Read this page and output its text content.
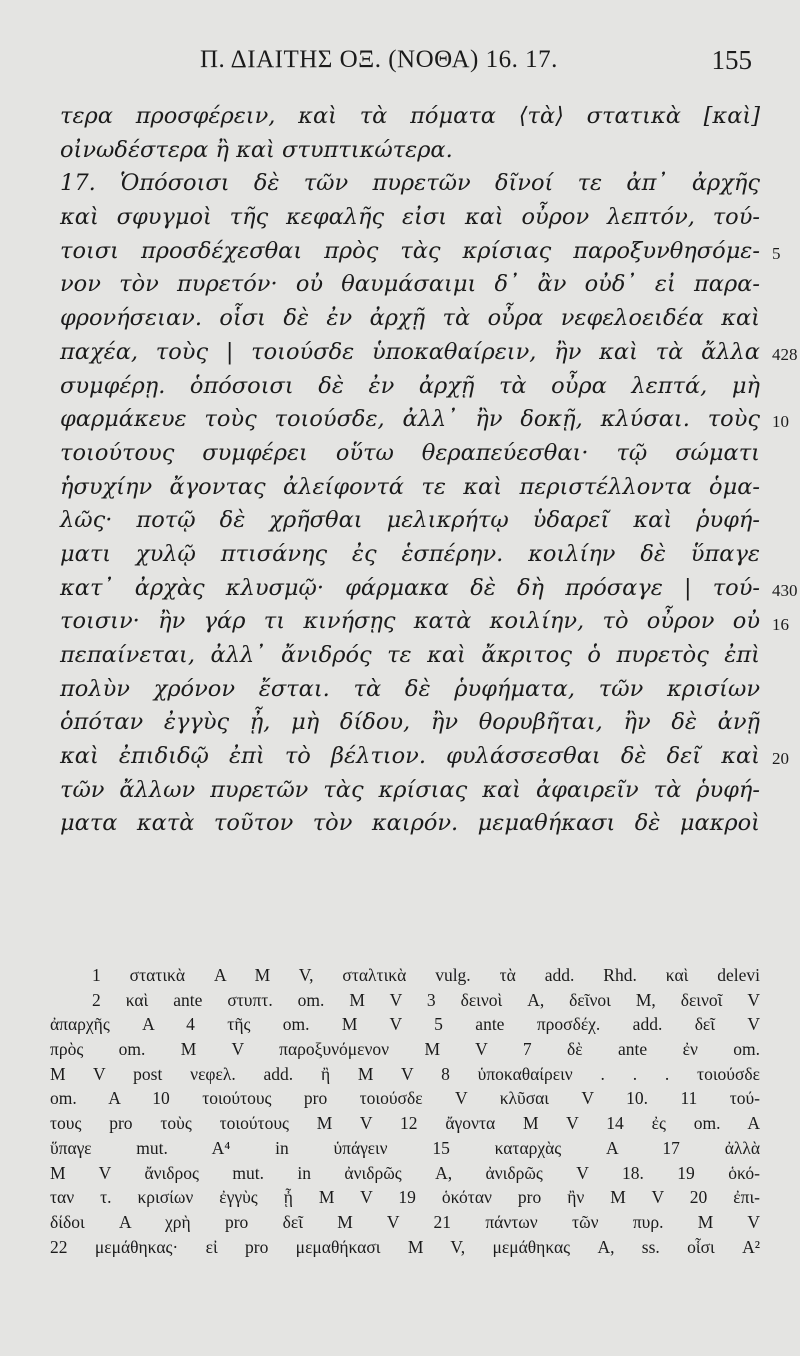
Π. ΔΙΑΙΤΗΣ ΟΞ. (ΝΟΘΑ) 16. 17.	155
τερα προσφέρειν, καὶ τὰ πόματα ⟨τὰ⟩ στατικὰ [καὶ]
οἰνωδέστερα ἢ καὶ στυπτικώτερα.
17. Ὁπόσοισι δὲ τῶν πυρετῶν δῖνοί τε ἀπ᾽ ἀρχῆς
καὶ σφυγμοὶ τῆς κεφαλῆς εἰσι καὶ οὖρον λεπτόν, τού-
τοισι προσδέχεσθαι πρὸς τὰς κρίσιας παροξυνθησόμε-
νον τὸν πυρετόν· οὐ θαυμάσαιμι δ᾽ ἂν οὐδ᾽ εἰ παρα-
φρονήσειαν. οἷσι δὲ ἐν ἀρχῇ τὰ οὖρα νεφελοειδέα καὶ
παχέα, τοὺς | τοιούσδε ὑποκαθαίρειν, ἢν καὶ τὰ ἄλλα
συμφέρῃ. ὁπόσοισι δὲ ἐν ἀρχῇ τὰ οὖρα λεπτά, μὴ
φαρμάκευε τοὺς τοιούσδε, ἀλλ᾽ ἢν δοκῇ, κλύσαι. τοὺς
τοιούτους συμφέρει οὕτω θεραπεύεσθαι· τῷ σώματι
ἡσυχίην ἄγοντας ἀλείφοντά τε καὶ περιστέλλοντα ὁμα-
λῶς· ποτῷ δὲ χρῆσθαι μελικρήτῳ ὑδαρεῖ καὶ ῥυφή-
ματι χυλῷ πτισάνης ἐς ἑσπέρην. κοιλίην δὲ ὕπαγε
κατ᾽ ἀρχὰς κλυσμῷ· φάρμακα δὲ δὴ πρόσαγε | τού-
τοισιν· ἢν γάρ τι κινήσῃς κατὰ κοιλίην, τὸ οὖρον οὐ
πεπαίνεται, ἀλλ᾽ ἄνιδρός τε καὶ ἄκριτος ὁ πυρετὸς ἐπὶ
πολὺν χρόνον ἔσται. τὰ δὲ ῥυφήματα, τῶν κρισίων
ὁπόταν ἐγγὺς ᾖ, μὴ δίδου, ἢν θορυβῆται, ἢν δὲ ἀνῇ
καὶ ἐπιδιδῷ ἐπὶ τὸ βέλτιον. φυλάσσεσθαι δὲ δεῖ καὶ
τῶν ἄλλων πυρετῶν τὰς κρίσιας καὶ ἀφαιρεῖν τὰ ῥυφή-
ματα κατὰ τοῦτον τὸν καιρόν. μεμαθήκασι δὲ μακροὶ
5
428
10
430
16
20
1 στατικὰ A M V, σταλτικὰ vulg. τὰ add. Rhd. καὶ delevi
2 καὶ ante στυπτ. om. M V 3 δεινοὶ A, δεῖνοι M, δεινοῖ V
ἀπαρχῆς A 4 τῆς om. M V 5 ante προσδέχ. add. δεῖ V
πρὸς om. M V παροξυνόμενον M V 7 δὲ ante ἐν om.
M V post νεφελ. add. ἢ M V 8 ὑποκαθαίρειν . . . τοιούσδε
om. A 10 τοιούτους pro τοιούσδε V κλῦσαι V 10. 11 τού-
τους pro τοὺς τοιούτους M V 12 ἄγοντα M V 14 ἐς om. A
ὕπαγε mut. A⁴ in ὑπάγειν 15 καταρχὰς A 17 ἀλλὰ
M V ἄνιδρος mut. in ἀνιδρῶς A, ἀνιδρῶς V 18. 19 ὁκό-
ταν τ. κρισίων ἐγγὺς ᾖ M V 19 ὁκόταν pro ἢν M V 20 ἐπι-
δίδοι A χρὴ pro δεῖ M V 21 πάντων τῶν πυρ. M V
22 μεμάθηκας· εἰ pro μεμαθήκασι M V, μεμάθηκας A, ss. οἷσι A²
